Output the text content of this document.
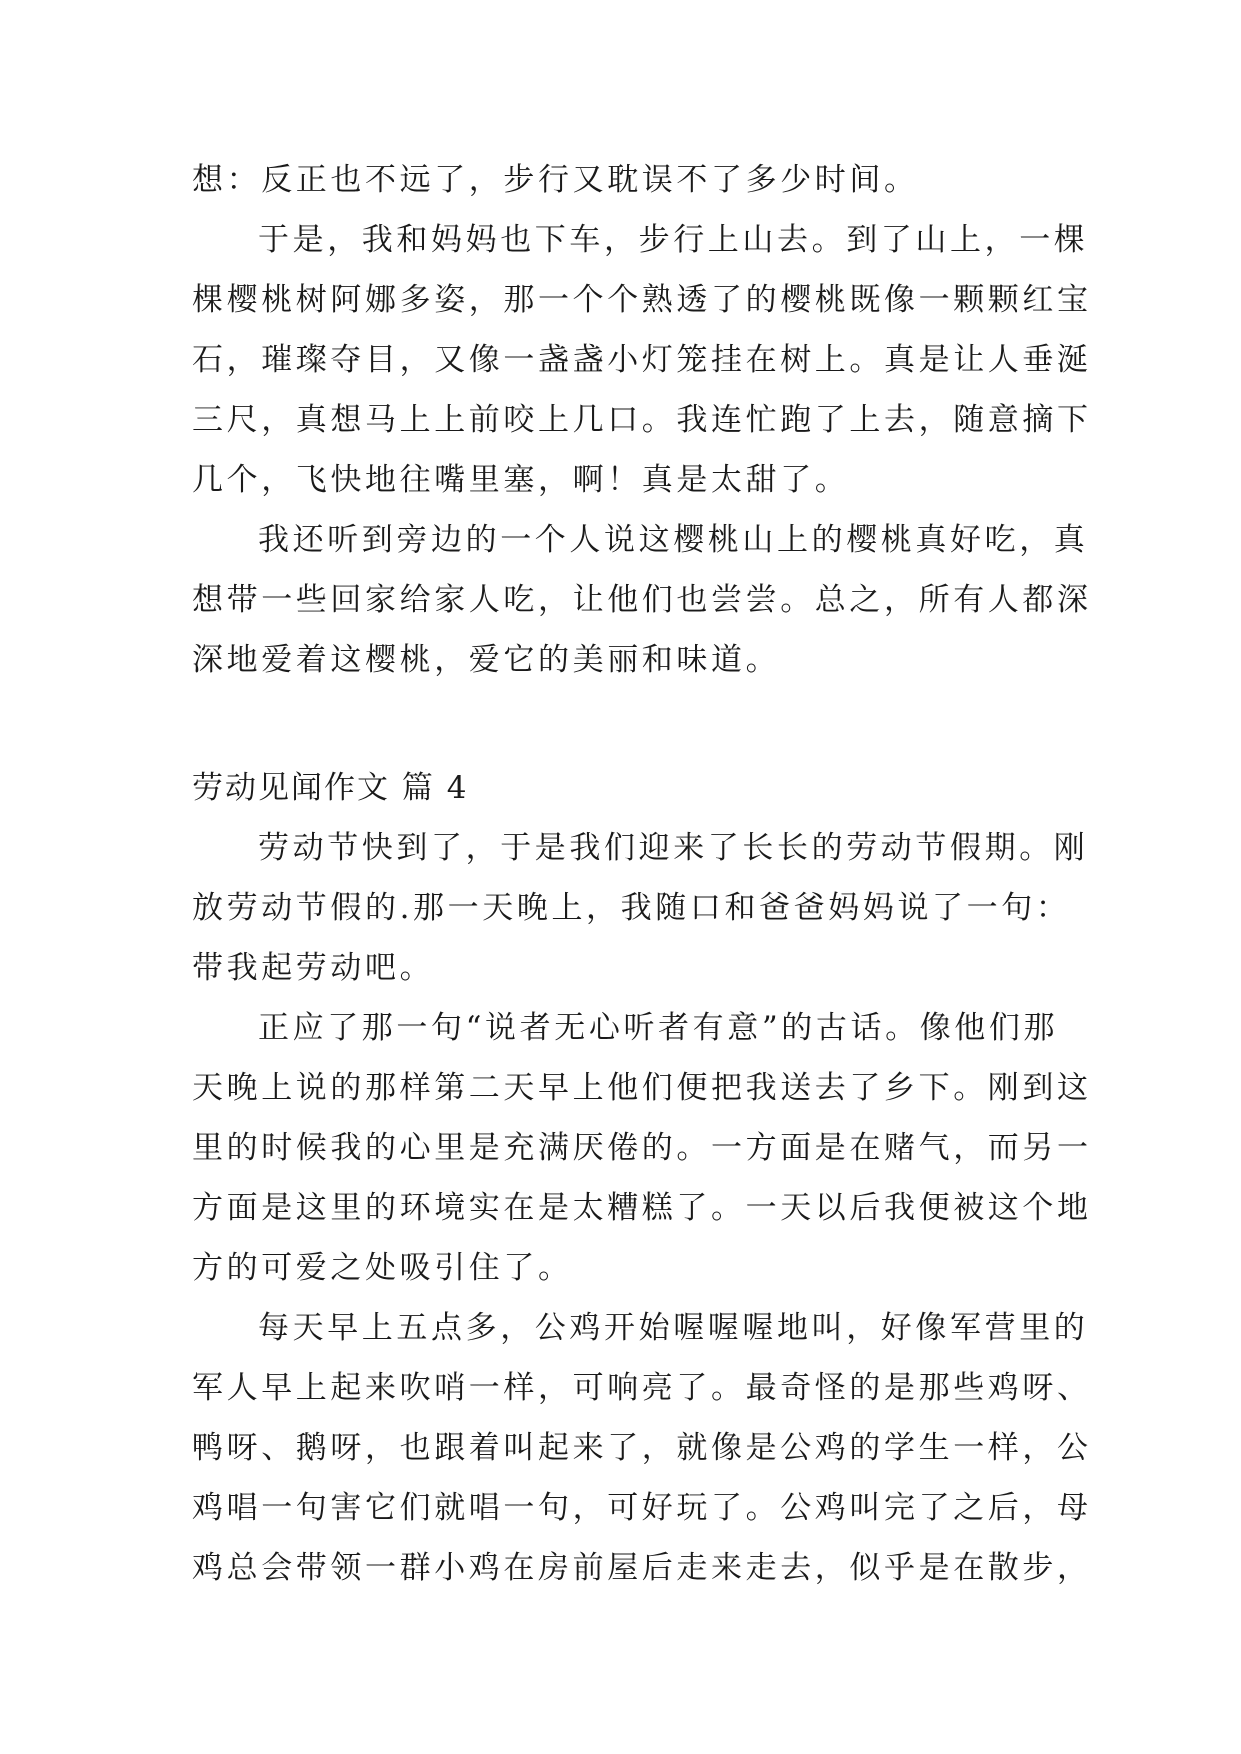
想：反正也不远了，步行又耽误不了多少时间。
于是，我和妈妈也下车，步行上山去。到了山上，一棵
棵樱桃树阿娜多姿，那一个个熟透了的樱桃既像一颗颗红宝
石，璀璨夺目，又像一盏盏小灯笼挂在树上。真是让人垂涎
三尺，真想马上上前咬上几口。我连忙跑了上去，随意摘下
几个，飞快地往嘴里塞，啊！真是太甜了。
我还听到旁边的一个人说这樱桃山上的樱桃真好吃，真
想带一些回家给家人吃，让他们也尝尝。总之，所有人都深
深地爱着这樱桃，爱它的美丽和味道。
劳动见闻作文 篇 4
劳动节快到了，于是我们迎来了长长的劳动节假期。刚
放劳动节假的.那一天晚上，我随口和爸爸妈妈说了一句：
带我起劳动吧。
正应了那一句“说者无心听者有意”的古话。像他们那
天晚上说的那样第二天早上他们便把我送去了乡下。刚到这
里的时候我的心里是充满厌倦的。一方面是在赌气，而另一
方面是这里的环境实在是太糟糕了。一天以后我便被这个地
方的可爱之处吸引住了。
每天早上五点多，公鸡开始喔喔喔地叫，好像军营里的
军人早上起来吹哨一样，可响亮了。最奇怪的是那些鸡呀、
鸭呀、鹅呀，也跟着叫起来了，就像是公鸡的学生一样，公
鸡唱一句害它们就唱一句，可好玩了。公鸡叫完了之后，母
鸡总会带领一群小鸡在房前屋后走来走去，似乎是在散步，
